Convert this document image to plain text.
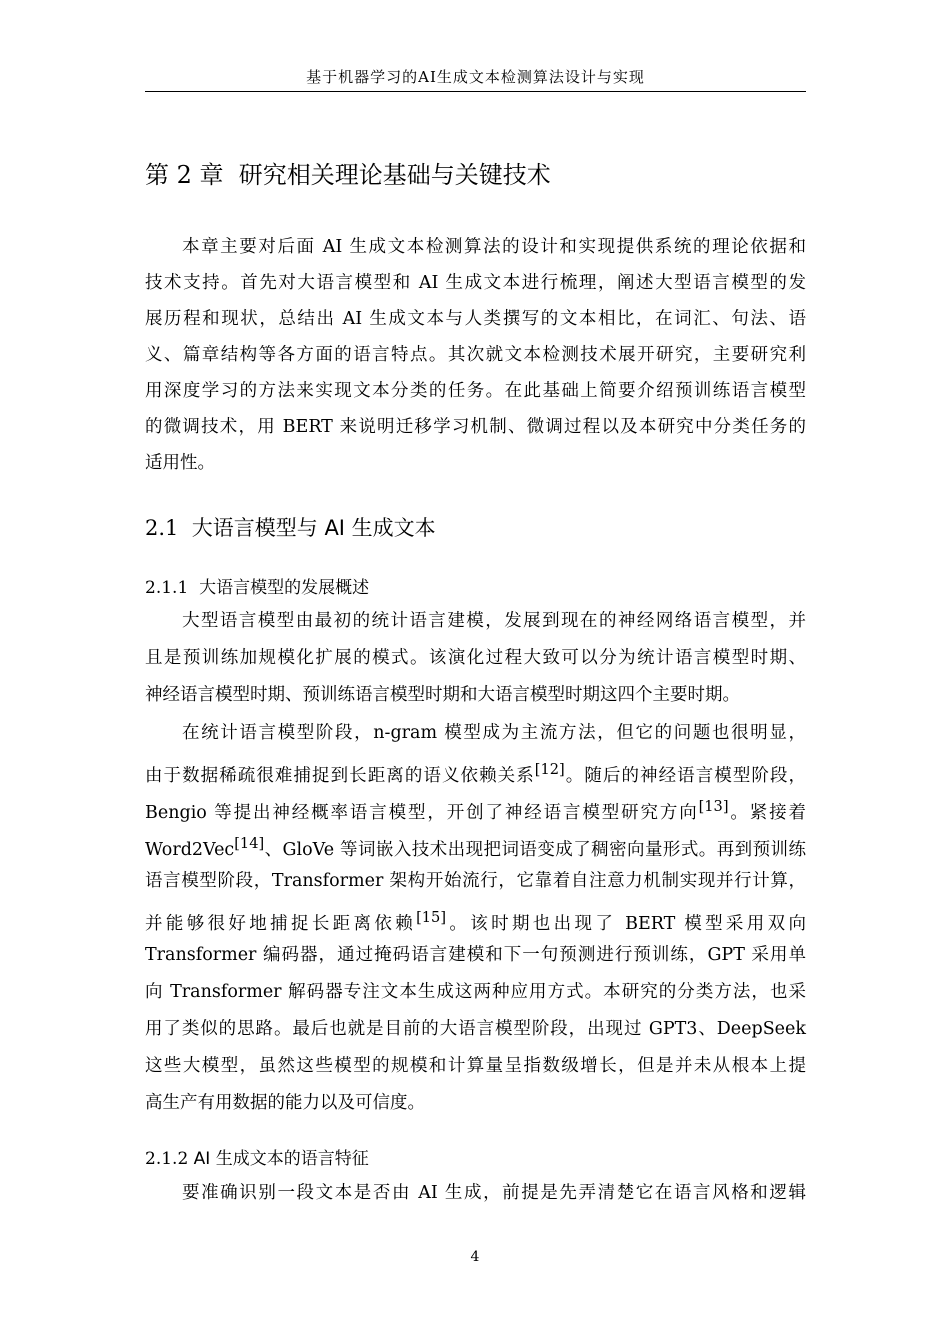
基于机器学习的AI生成文本检测算法设计与实现
第 2 章 研究相关理论基础与关键技术
本章主要对后面 AI 生成文本检测算法的设计和实现提供系统的理论依据和
技术支持。首先对大语言模型和 AI 生成文本进行梳理，阐述大型语言模型的发
展历程和现状，总结出 AI 生成文本与人类撰写的文本相比，在词汇、句法、语
义、篇章结构等各方面的语言特点。其次就文本检测技术展开研究，主要研究利
用深度学习的方法来实现文本分类的任务。在此基础上简要介绍预训练语言模型
的微调技术，用 BERT 来说明迁移学习机制、微调过程以及本研究中分类任务的
适用性。
2.1 大语言模型与 AI 生成文本
2.1.1 大语言模型的发展概述
大型语言模型由最初的统计语言建模，发展到现在的神经网络语言模型，并
且是预训练加规模化扩展的模式。该演化过程大致可以分为统计语言模型时期、
神经语言模型时期、预训练语言模型时期和大语言模型时期这四个主要时期。
在统计语言模型阶段，n-gram 模型成为主流方法，但它的问题也很明显，
由于数据稀疏很难捕捉到长距离的语义依赖关系[12]。随后的神经语言模型阶段，
Bengio 等提出神经概率语言模型，开创了神经语言模型研究方向[13]。紧接着
Word2Vec[14]、GloVe 等词嵌入技术出现把词语变成了稠密向量形式。再到预训练
语言模型阶段，Transformer 架构开始流行，它靠着自注意力机制实现并行计算，
并能够很好地捕捉长距离依赖[15]。该时期也出现了 BERT 模型采用双向
Transformer 编码器，通过掩码语言建模和下一句预测进行预训练，GPT 采用单
向 Transformer 解码器专注文本生成这两种应用方式。本研究的分类方法，也采
用了类似的思路。最后也就是目前的大语言模型阶段，出现过 GPT3、DeepSeek
这些大模型，虽然这些模型的规模和计算量呈指数级增长，但是并未从根本上提
高生产有用数据的能力以及可信度。
2.1.2 AI 生成文本的语言特征
要准确识别一段文本是否由 AI 生成，前提是先弄清楚它在语言风格和逻辑
4
